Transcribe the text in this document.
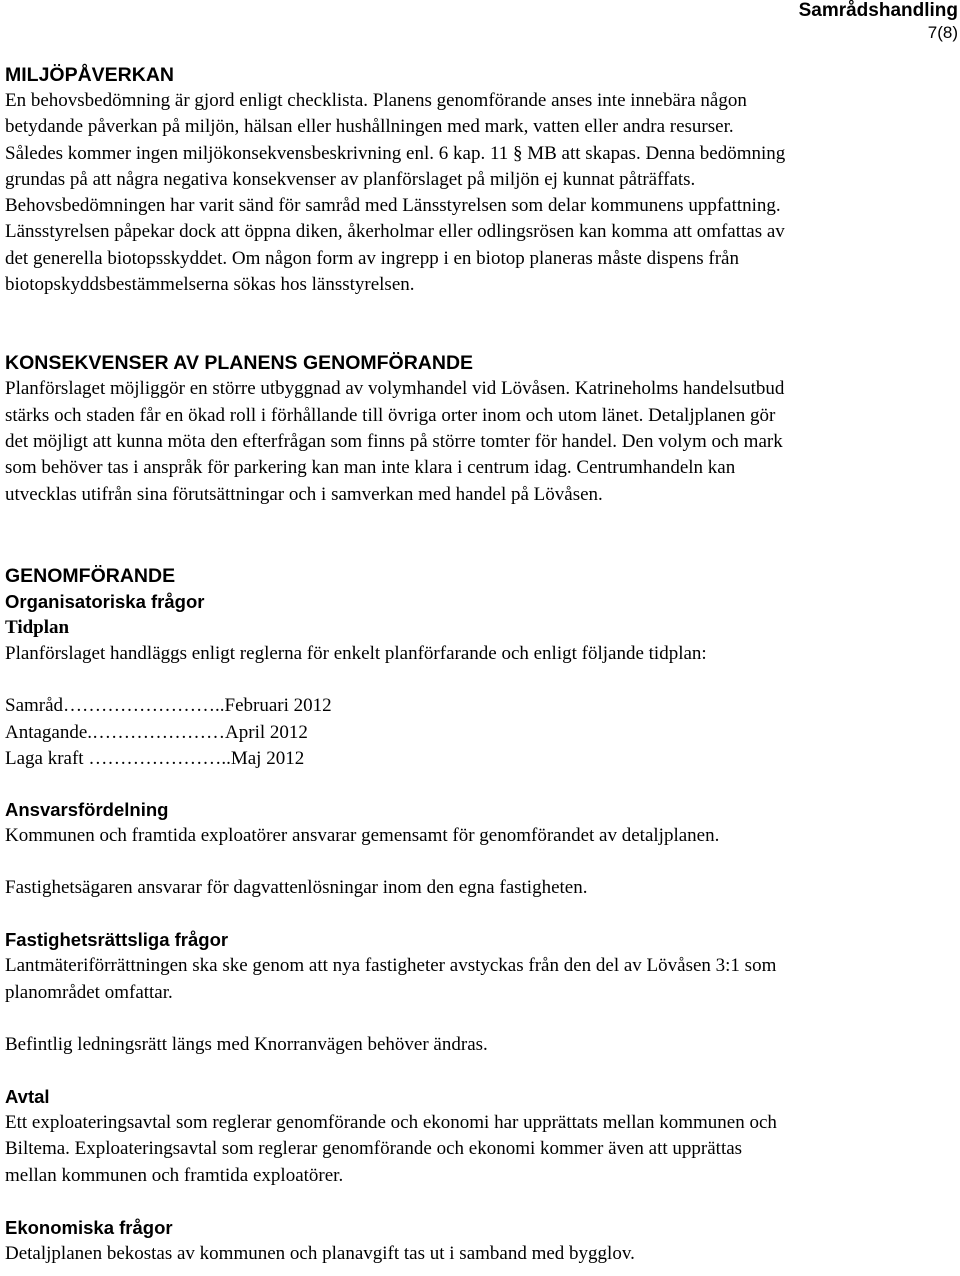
Samrådshandling
7(8)
MILJÖPÅVERKAN
En behovsbedömning är gjord enligt checklista. Planens genomförande anses inte innebära någon
betydande påverkan på miljön, hälsan eller hushållningen med mark, vatten eller andra resurser.
Således kommer ingen miljökonsekvensbeskrivning enl. 6 kap. 11 § MB att skapas. Denna bedömning
grundas på att några negativa konsekvenser av planförslaget på miljön ej kunnat påträffats.
Behovsbedömningen har varit sänd för samråd med Länsstyrelsen som delar kommunens uppfattning.
Länsstyrelsen påpekar dock att öppna diken, åkerholmar eller odlingsrösen kan komma att omfattas av
det generella biotopsskyddet. Om någon form av ingrepp i en biotop planeras måste dispens från
biotopskyddsbestämmelserna sökas hos länsstyrelsen.
KONSEKVENSER AV PLANENS GENOMFÖRANDE
Planförslaget möjliggör en större utbyggnad av volymhandel vid Lövåsen. Katrineholms handelsutbud
stärks och staden får en ökad roll i förhållande till övriga orter inom och utom länet. Detaljplanen gör
det möjligt att kunna möta den efterfrågan som finns på större tomter för handel. Den volym och mark
som behöver tas i anspråk för parkering kan man inte klara i centrum idag. Centrumhandeln kan
utvecklas utifrån sina förutsättningar och i samverkan med handel på Lövåsen.
GENOMFÖRANDE
Organisatoriska frågor
Tidplan
Planförslaget handläggs enligt reglerna för enkelt planförfarande och enligt följande tidplan:
Samråd……………………..Februari 2012
Antagande.…………………April 2012
Laga kraft …………………..Maj 2012
Ansvarsfördelning
Kommunen och framtida exploatörer ansvarar gemensamt för genomförandet av detaljplanen.
Fastighetsägaren ansvarar för dagvattenlösningar inom den egna fastigheten.
Fastighetsrättsliga frågor
Lantmäteriförrättningen ska ske genom att nya fastigheter avstyckas från den del av Lövåsen 3:1 som
planområdet omfattar.
Befintlig ledningsrätt längs med Knorranvägen behöver ändras.
Avtal
Ett exploateringsavtal som reglerar genomförande och ekonomi har upprättats mellan kommunen och
Biltema. Exploateringsavtal som reglerar genomförande och ekonomi kommer även att upprättas
mellan kommunen och framtida exploatörer.
Ekonomiska frågor
Detaljplanen bekostas av kommunen och planavgift tas ut i samband med bygglov.
